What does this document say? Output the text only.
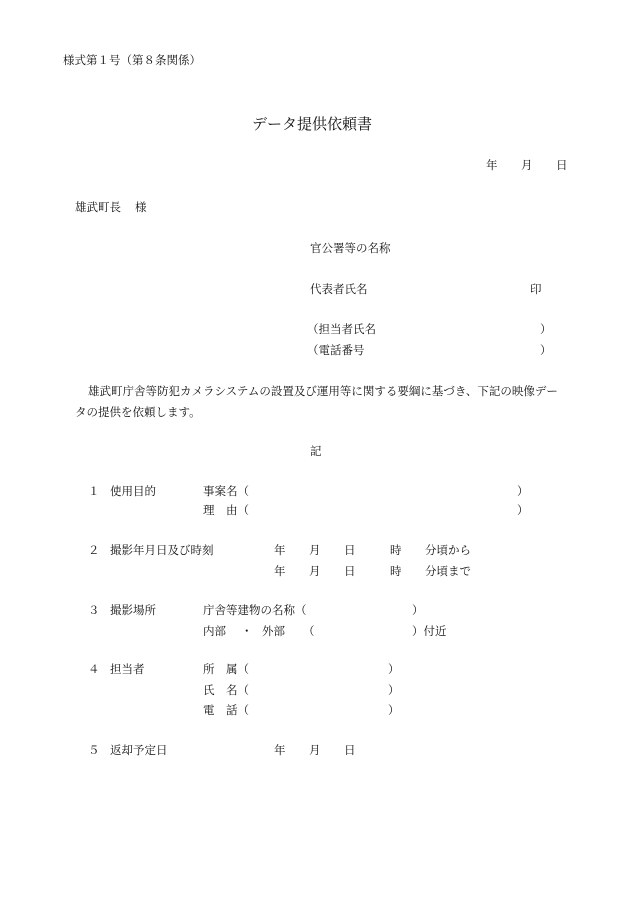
様式第１号（第８条関係）
データ提供依頼書
年 月 日
雄武町長 様
官公署等の名称
代表者氏名	印
（担当者氏名	）
（電話番号	）
雄武町庁舎等防犯カメラシステムの設置及び運用等に関する要綱に基づき、下記の映像デー
タの提供を依頼します。
記
１ 使用目的	事案名（	）
理　由（	）
２ 撮影年月日及び時刻	年 月 日	時 分頃から
年 月 日	時 分頃まで
３ 撮影場所	庁舎等建物の名称（	）
内部 ・ 外部 （	）付近
４ 担当者	所　属（	）
氏　名（	）
電　話（	）
５ 返却予定日	年 月 日
